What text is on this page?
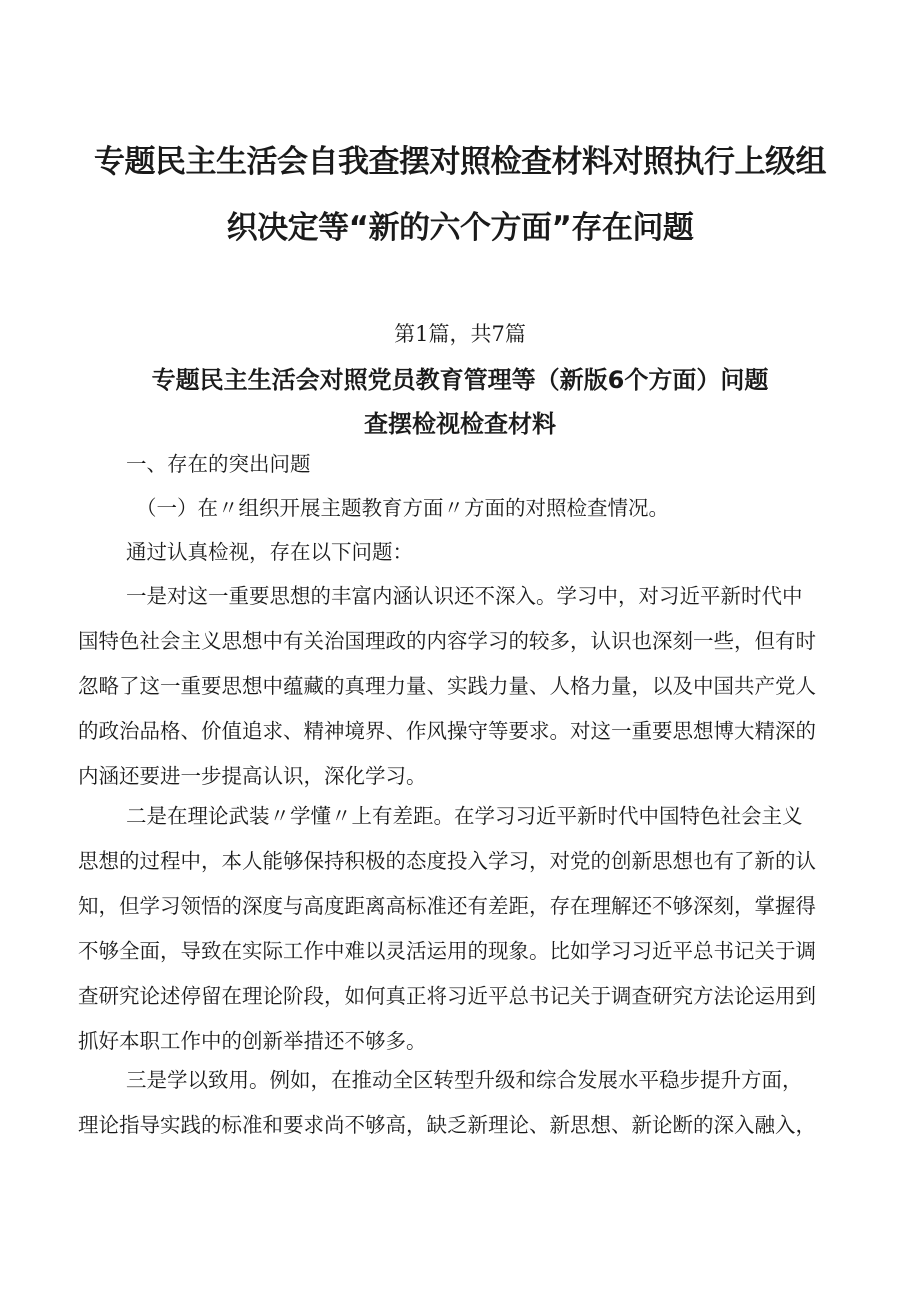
专题民主生活会自我查摆对照检查材料对照执行上级组
织决定等“新的六个方面”存在问题
第1篇，共7篇
专题民主生活会对照党员教育管理等（新版6个方面）问题
查摆检视检查材料

一、存在的突出问题

（一）在〃组织开展主题教育方面〃方面的对照检查情况。

通过认真检视，存在以下问题：

一是对这一重要思想的丰富内涵认识还不深入。学习中，对习近平新时代中
国特色社会主义思想中有关治国理政的内容学习的较多，认识也深刻一些，但有时
忽略了这一重要思想中蕴藏的真理力量、实践力量、人格力量，以及中国共产党人
的政治品格、价值追求、精神境界、作风操守等要求。对这一重要思想博大精深的
内涵还要进一步提高认识，深化学习。
二是在理论武装〃学懂〃上有差距。在学习习近平新时代中国特色社会主义
思想的过程中，本人能够保持积极的态度投入学习，对党的创新思想也有了新的认
知，但学习领悟的深度与高度距离高标准还有差距，存在理解还不够深刻，掌握得
不够全面，导致在实际工作中难以灵活运用的现象。比如学习习近平总书记关于调
查研究论述停留在理论阶段，如何真正将习近平总书记关于调查研究方法论运用到
抓好本职工作中的创新举措还不够多。
三是学以致用。例如，在推动全区转型升级和综合发展水平稳步提升方面，
理论指导实践的标准和要求尚不够高，缺乏新理论、新思想、新论断的深入融入，
